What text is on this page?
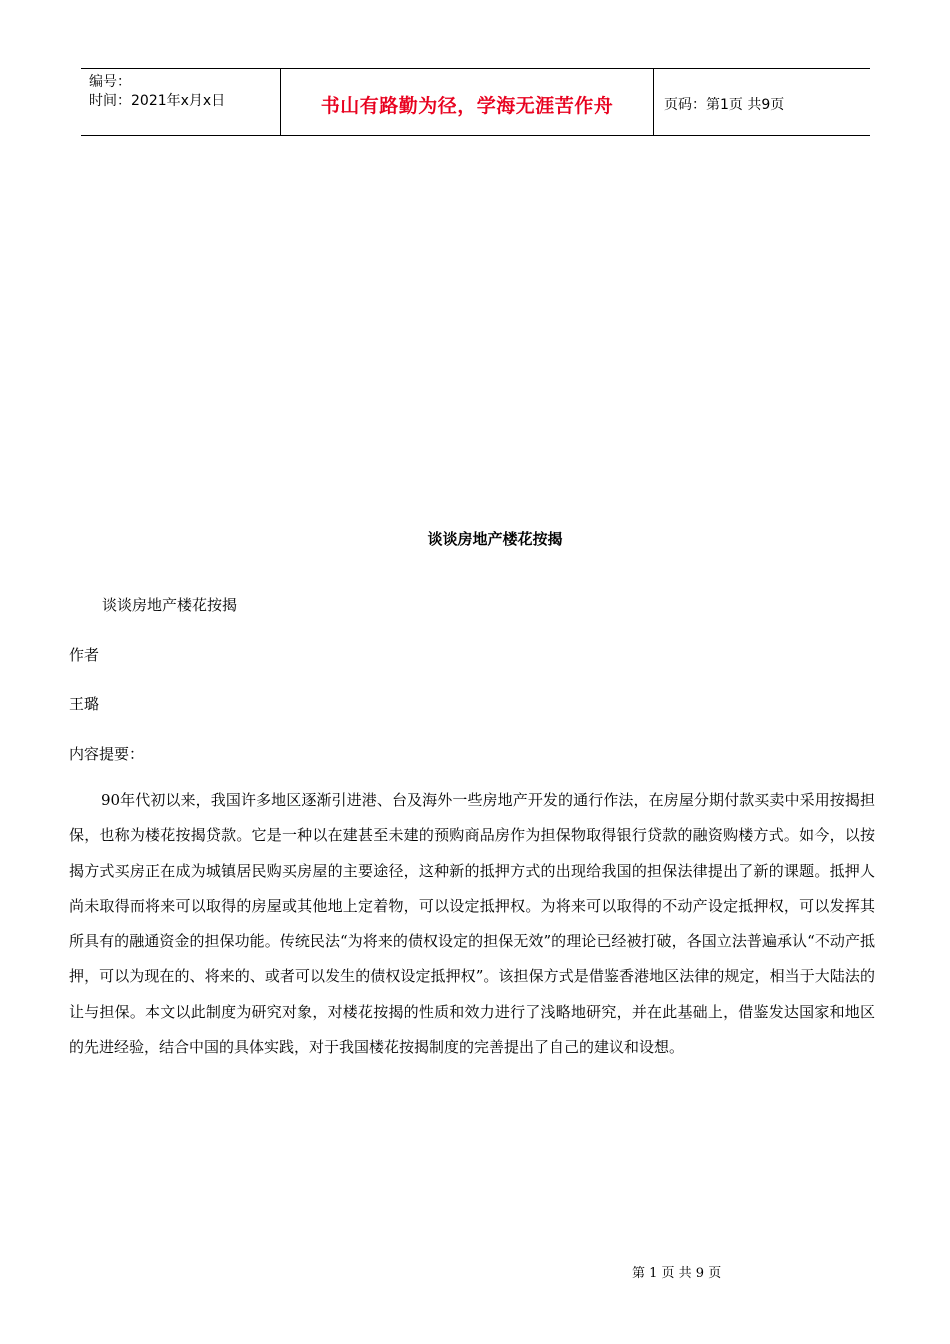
编号：
时间：2021年x月x日	书山有路勤为径，学海无涯苦作舟	页码：第1页 共9页
谈谈房地产楼花按揭
谈谈房地产楼花按揭
作者
王璐
内容提要：
90年代初以来，我国许多地区逐渐引进港、台及海外一些房地产开发的通行作法，在房屋分期付款买卖中采用按揭担保，也称为楼花按揭贷款。它是一种以在建甚至未建的预购商品房作为担保物取得银行贷款的融资购楼方式。如今，以按揭方式买房正在成为城镇居民购买房屋的主要途径，这种新的抵押方式的出现给我国的担保法律提出了新的课题。抵押人尚未取得而将来可以取得的房屋或其他地上定着物，可以设定抵押权。为将来可以取得的不动产设定抵押权，可以发挥其所具有的融通资金的担保功能。传统民法“为将来的债权设定的担保无效”的理论已经被打破，各国立法普遍承认“不动产抵押，可以为现在的、将来的、或者可以发生的债权设定抵押权”。该担保方式是借鉴香港地区法律的规定，相当于大陆法的让与担保。本文以此制度为研究对象，对楼花按揭的性质和效力进行了浅略地研究，并在此基础上，借鉴发达国家和地区的先进经验，结合中国的具体实践，对于我国楼花按揭制度的完善提出了自己的建议和设想。
第 1 页 共 9 页
